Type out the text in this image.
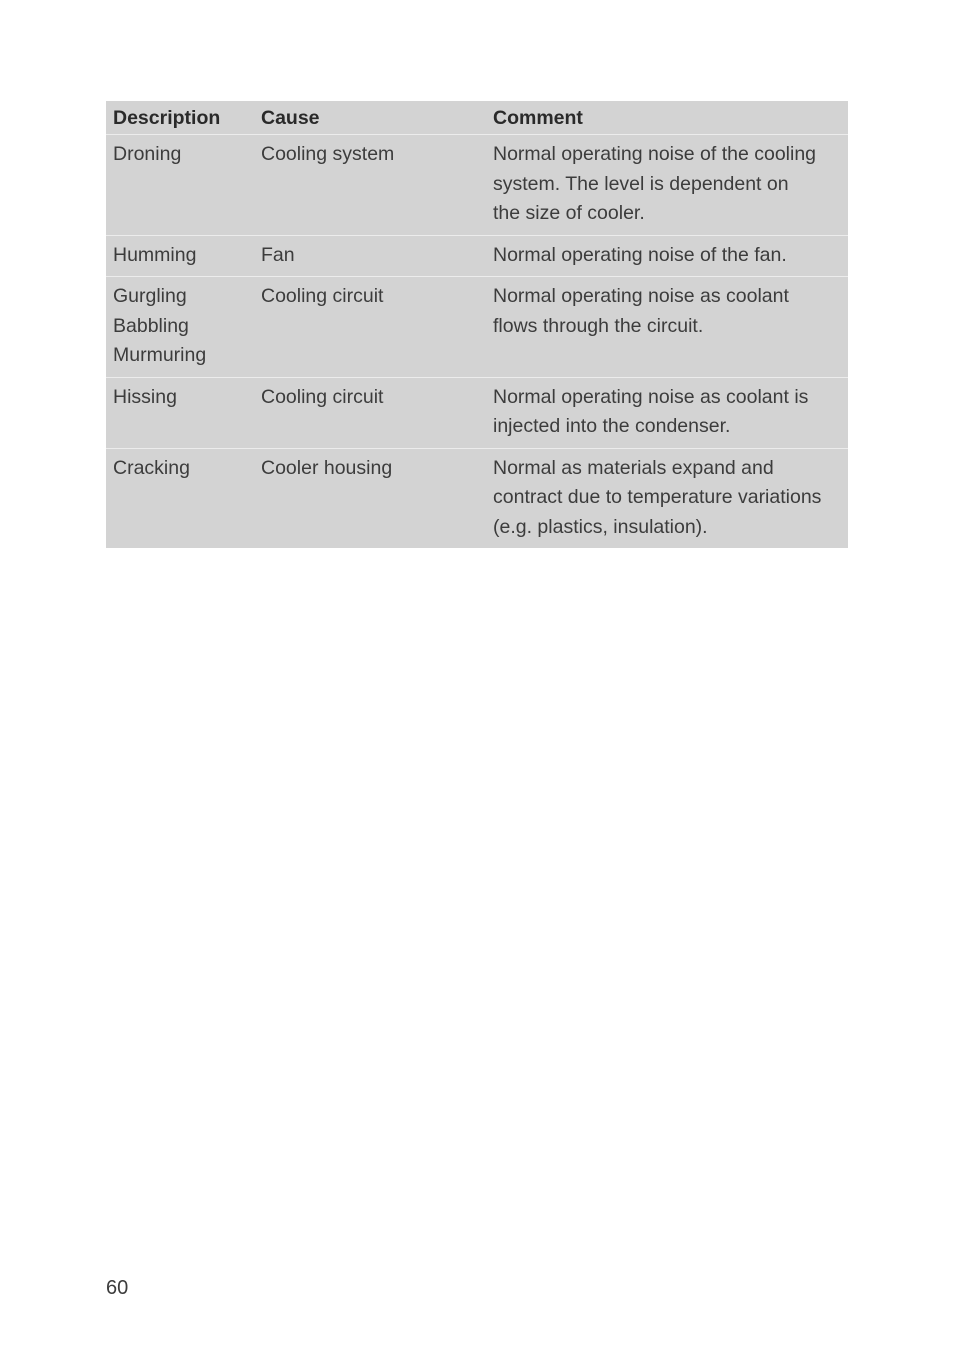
Description	Cause	Comment

Droning	Cooling system	Normal operating noise of the cooling
system. The level is dependent on
the size of cooler.

Humming	Fan	Normal operating noise of the fan.

Gurgling
Babbling
Murmuring	Cooling circuit	Normal operating noise as coolant
flows through the circuit.

Hissing	Cooling circuit	Normal operating noise as coolant is
injected into the condenser.

Cracking	Cooler housing	Normal as materials expand and
contract due to temperature variations
(e.g. plastics, insulation).
60
